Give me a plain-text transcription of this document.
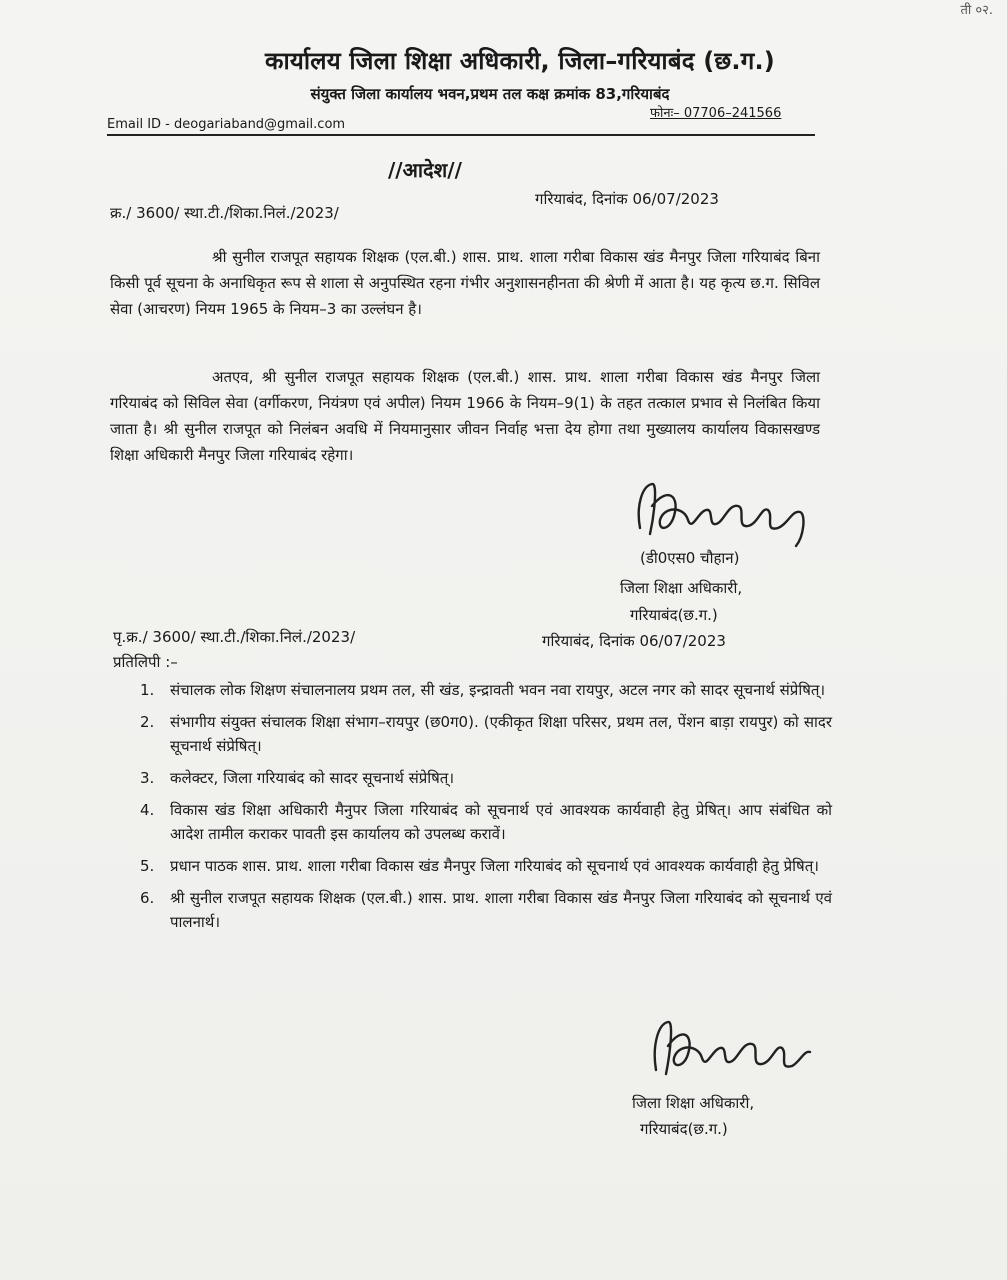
ती ०२.
कार्यालय जिला शिक्षा अधिकारी, जिला–गरियाबंद (छ.ग.)
संयुक्त जिला कार्यालय भवन,प्रथम तल कक्ष क्रमांक 83,गरियाबंद
फोनः– 07706–241566
Email ID - deogariaband@gmail.com
//आदेश//
क्र./ 3600/ स्था.टी./शिका.निलं./2023/
गरियाबंद, दिनांक 06/07/2023
श्री सुनील राजपूत सहायक शिक्षक (एल.बी.) शास. प्राथ. शाला गरीबा विकास खंड मैनपुर जिला गरियाबंद बिना किसी पूर्व सूचना के अनाधिकृत रूप से शाला से अनुपस्थित रहना गंभीर अनुशासनहीनता की श्रेणी में आता है। यह कृत्य छ.ग. सिविल सेवा (आचरण) नियम 1965 के नियम–3 का उल्लंघन है।
अतएव, श्री सुनील राजपूत सहायक शिक्षक (एल.बी.) शास. प्राथ. शाला गरीबा विकास खंड मैनपुर जिला गरियाबंद को सिविल सेवा (वर्गीकरण, नियंत्रण एवं अपील) नियम 1966 के नियम–9(1) के तहत तत्काल प्रभाव से निलंबित किया जाता है। श्री सुनील राजपूत को निलंबन अवधि में नियमानुसार जीवन निर्वाह भत्ता देय होगा तथा मुख्यालय कार्यालय विकासखण्ड शिक्षा अधिकारी मैनपुर जिला गरियाबंद रहेगा।
(डी0एस0 चौहान)
जिला शिक्षा अधिकारी,
गरियाबंद(छ.ग.)
पृ.क्र./ 3600/ स्था.टी./शिका.निलं./2023/	गरियाबंद, दिनांक 06/07/2023
प्रतिलिपी :–
1. संचालक लोक शिक्षण संचालनालय प्रथम तल, सी खंड, इन्द्रावती भवन नवा रायपुर, अटल नगर को सादर सूचनार्थ संप्रेषित्।
2. संभागीय संयुक्त संचालक शिक्षा संभाग–रायपुर (छ0ग0). (एकीकृत शिक्षा परिसर, प्रथम तल, पेंशन बाड़ा रायपुर) को सादर सूचनार्थ संप्रेषित्।
3. कलेक्टर, जिला गरियाबंद को सादर सूचनार्थ संप्रेषित्।
4. विकास खंड शिक्षा अधिकारी मैनुपर जिला गरियाबंद को सूचनार्थ एवं आवश्यक कार्यवाही हेतु प्रेषित्। आप संबंधित को आदेश तामील कराकर पावती इस कार्यालय को उपलब्ध करावें।
5. प्रधान पाठक शास. प्राथ. शाला गरीबा विकास खंड मैनपुर जिला गरियाबंद को सूचनार्थ एवं आवश्यक कार्यवाही हेतु प्रेषित्।
6. श्री सुनील राजपूत सहायक शिक्षक (एल.बी.) शास. प्राथ. शाला गरीबा विकास खंड मैनपुर जिला गरियाबंद को सूचनार्थ एवं पालनार्थ।
जिला शिक्षा अधिकारी,
गरियाबंद(छ.ग.)
